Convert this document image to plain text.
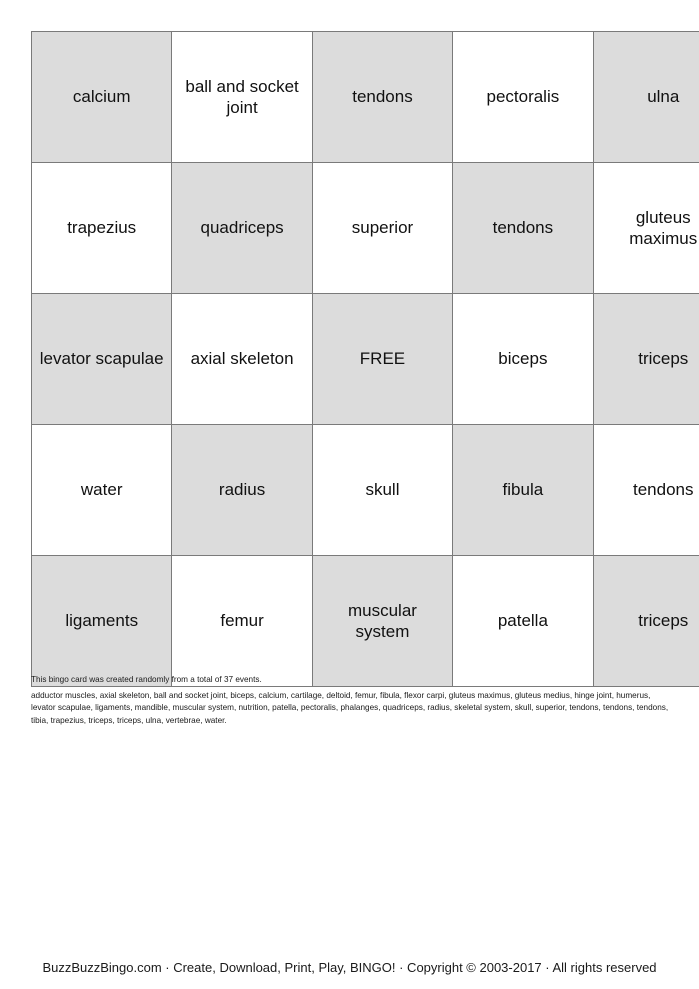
calcium	ball and socket joint	tendons	pectoralis	ulna
trapezius	quadriceps	superior	tendons	gluteus maximus
levator scapulae	axial skeleton	FREE	biceps	triceps
water	radius	skull	fibula	tendons
ligaments	femur	muscular system	patella	triceps

This bingo card was created randomly from a total of 37 events.

adductor muscles, axial skeleton, ball and socket joint, biceps, calcium, cartilage, deltoid, femur, fibula, flexor carpi, gluteus maximus, gluteus medius, hinge joint, humerus, levator scapulae, ligaments, mandible, muscular system, nutrition, patella, pectoralis, phalanges, quadriceps, radius, skeletal system, skull, superior, tendons, tendons, tendons, tibia, trapezius, triceps, triceps, ulna, vertebrae, water.

BuzzBuzzBingo.com · Create, Download, Print, Play, BINGO! · Copyright © 2003-2017 · All rights reserved
